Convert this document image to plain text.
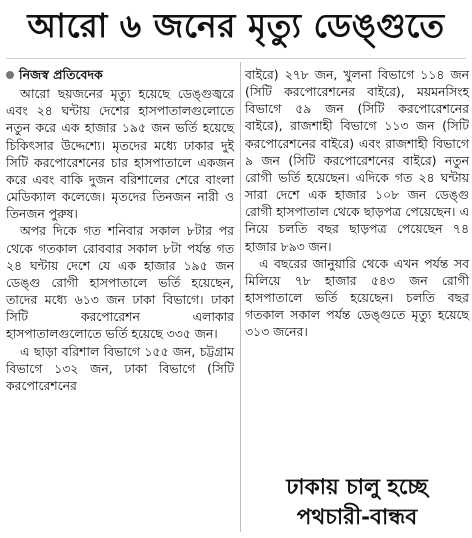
আরো ৬ জনের মৃত্যু ডেঙ্গুতে
নিজস্ব প্রতিবেদক

আরো ছয়জনের মৃত্যু হয়েছে ডেঙ্গুজ্বরে এবং ২৪ ঘন্টায় দেশের হাসপাতালগুলোতে নতুন করে এক হাজার ১৯৫ জন ভর্তি হয়েছে চিকিৎসার উদ্দেশ্যে। মৃতদের মধ্যে ঢাকার দুই সিটি করপোরেশনের চার হাসপাতালে একজন করে এবং বাকি দুজন বরিশালের শেরে বাংলা মেডিক্যাল কলেজে। মৃতদের তিনজন নারী ও তিনজন পুরুষ।

অপর দিকে গত শনিবার সকাল ৮টার পর থেকে গতকাল রোববার সকাল ৮টা পর্যন্ত গত ২৪ ঘন্টায় দেশে যে এক হাজার ১৯৫ জন ডেঙ্গু রোগী হাসপাতালে ভর্তি হয়েছেন, তাদের মধ্যে ৬১৩ জন ঢাকা বিভাগে। ঢাকা সিটি করপোরেশন এলাকার হাসপাতালগুলোতে ভর্তি হয়েছে ৩৩৫ জন।

এ ছাড়া বরিশাল বিভাগে ১৫৫ জন, চট্টগ্রাম বিভাগে ১৩২ জন, ঢাকা বিভাগে (সিটি করপোরেশনের

বাইরে) ২৭৮ জন, খুলনা বিভাগে ১১৪ জন (সিটি করপোরেশনের বাইরে), ময়মনসিংহ বিভাগে ৫৯ জন (সিটি করপোরেশনের বাইরে), রাজশাহী বিভাগে ১১৩ জন (সিটি করপোরেশনের বাইরে) এবং রাজশাহী বিভাগে ৯ জন (সিটি করপোরেশনের বাইরে) নতুন রোগী ভর্তি হয়েছেন। এদিকে গত ২৪ ঘন্টায় সারা দেশে এক হাজার ১০৮ জন ডেঙ্গু রোগী হাসপাতাল থেকে ছাড়পত্র পেয়েছেন। এ নিয়ে চলতি বছর ছাড়পত্র পেয়েছেন ৭৪ হাজার ৮৯৩ জন।

এ বছরের জানুয়ারি থেকে এখন পর্যন্ত সব মিলিয়ে ৭৮ হাজার ৫৪৩ জন রোগী হাসপাতালে ভর্তি হয়েছেন। চলতি বছর গতকাল সকাল পর্যন্ত ডেঙ্গুতে মৃত্যু হয়েছে ৩১৩ জনের।

ঢাকায় চালু হচ্ছে
পথচারী-বান্ধব
